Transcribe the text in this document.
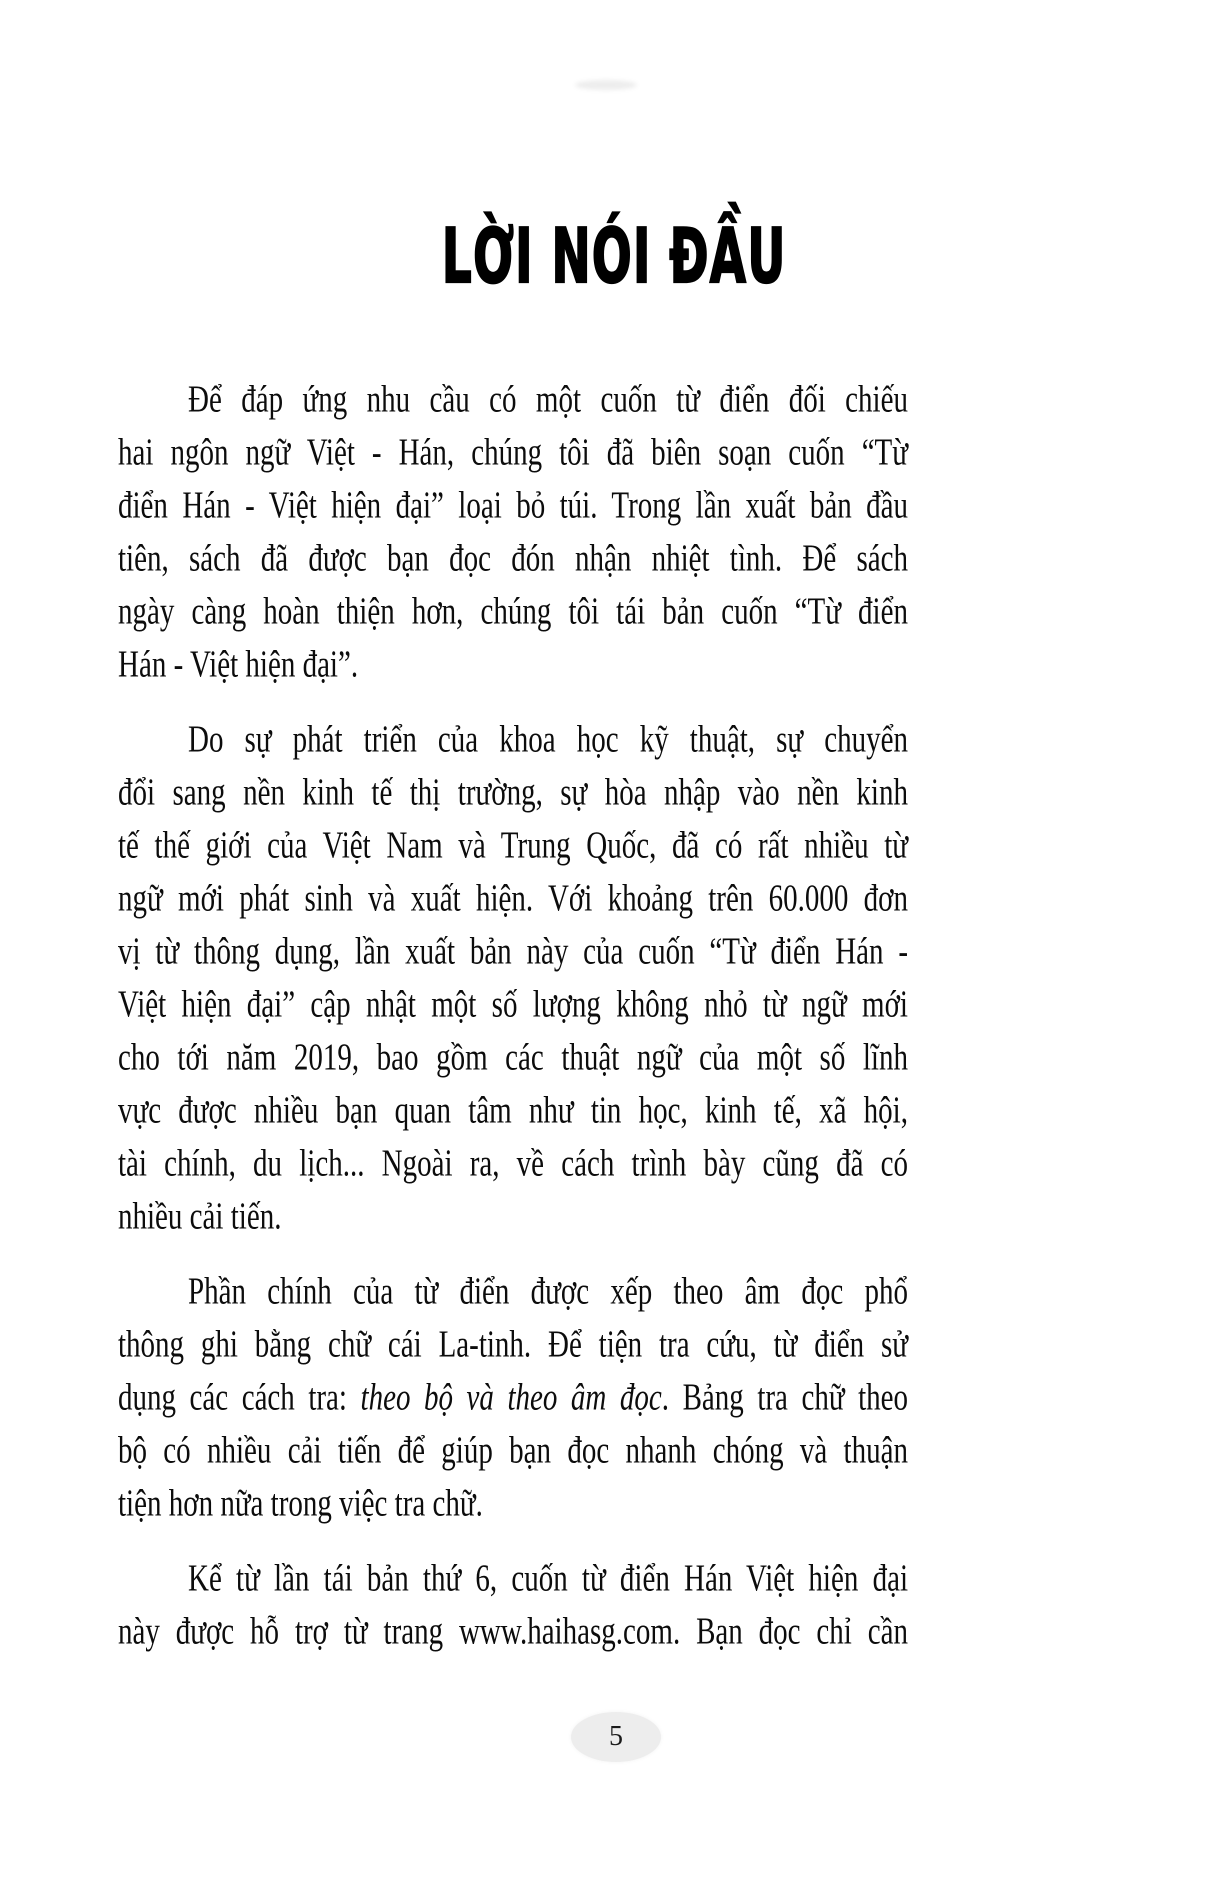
LỜI NÓI ĐẦU
Để đáp ứng nhu cầu có một cuốn từ điển đối chiếu
hai ngôn ngữ Việt - Hán, chúng tôi đã biên soạn cuốn “Từ
điển Hán - Việt hiện đại” loại bỏ túi. Trong lần xuất bản đầu
tiên, sách đã được bạn đọc đón nhận nhiệt tình. Để sách
ngày càng hoàn thiện hơn, chúng tôi tái bản cuốn “Từ điển
Hán - Việt hiện đại”.
Do sự phát triển của khoa học kỹ thuật, sự chuyển
đổi sang nền kinh tế thị trường, sự hòa nhập vào nền kinh
tế thế giới của Việt Nam và Trung Quốc, đã có rất nhiều từ
ngữ mới phát sinh và xuất hiện. Với khoảng trên 60.000 đơn
vị từ thông dụng, lần xuất bản này của cuốn “Từ điển Hán -
Việt hiện đại” cập nhật một số lượng không nhỏ từ ngữ mới
cho tới năm 2019, bao gồm các thuật ngữ của một số lĩnh
vực được nhiều bạn quan tâm như tin học, kinh tế, xã hội,
tài chính, du lịch... Ngoài ra, về cách trình bày cũng đã có
nhiều cải tiến.
Phần chính của từ điển được xếp theo âm đọc phổ
thông ghi bằng chữ cái La-tinh. Để tiện tra cứu, từ điển sử
dụng các cách tra: theo bộ và theo âm đọc. Bảng tra chữ theo
bộ có nhiều cải tiến để giúp bạn đọc nhanh chóng và thuận
tiện hơn nữa trong việc tra chữ.
Kể từ lần tái bản thứ 6, cuốn từ điển Hán Việt hiện đại
này được hỗ trợ từ trang www.haihasg.com. Bạn đọc chỉ cần
5
